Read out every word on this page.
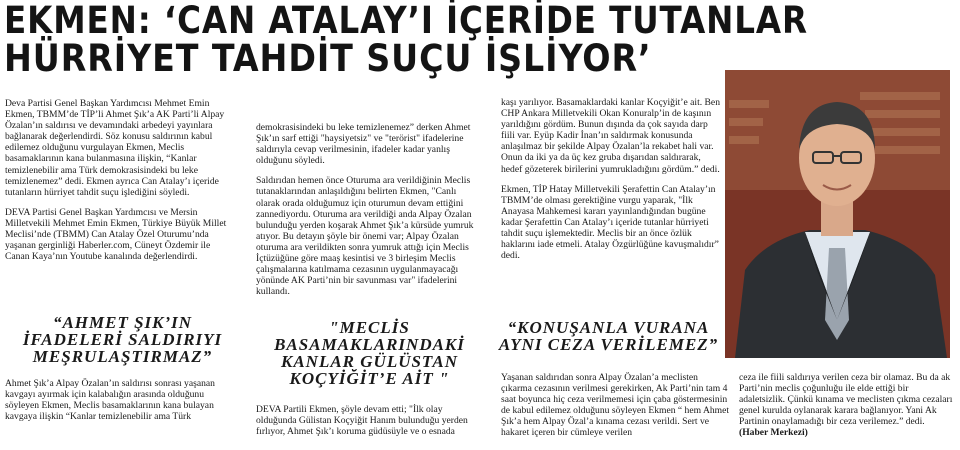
EKMEN: ‘CAN ATALAY’I İÇERİDE TUTANLAR
HÜRRİYET TAHDİT SUÇU İŞLİYOR’

Deva Partisi Genel Başkan Yardımcısı Mehmet Emin Ekmen, TBMM’de TİP’li Ahmet Şık’a AK Parti’li Alpay Özalan’ın saldırısı ve devamındaki arbedeyi yayınlara bağlanarak değerlendirdi. Söz konusu saldırının kabul edilemez olduğunu vurgulayan Ekmen, Meclis basamaklarının kana bulanmasına ilişkin, “Kanlar temizlenebilir ama Türk demokrasisindeki bu leke temizlenemez” dedi. Ekmen ayrıca Can Atalay’ı içeride tutanların hürriyet tahdit suçu işlediğini söyledi.

DEVA Partisi Genel Başkan Yardımcısı ve Mersin Milletvekili Mehmet Emin Ekmen, Türkiye Büyük Millet Meclisi’nde (TBMM) Can Atalay Özel Oturumu’nda yaşanan gerginliği Haberler.com, Cüneyt Özdemir ile Canan Kaya’nın Youtube kanalında değerlendirdi.

Ahmet Şık’a Alpay Özalan’ın saldırısı sonrası yaşanan kavgayı ayırmak için kalabalığın arasında olduğunu söyleyen Ekmen, Meclis basamaklarının kana bulayan kavgaya ilişkin “Kanlar temizlenebilir ama Türk

demokrasisindeki bu leke temizlenemez” derken Ahmet Şık’ın sarf ettiği "haysiyetsiz" ve "terörist" ifadelerine saldırıyla cevap verilmesinin, ifadeler kadar yanlış olduğunu söyledi.

Saldırıdan hemen önce Oturuma ara verildiğinin Meclis tutanaklarından anlaşıldığını belirten Ekmen, "Canlı olarak orada olduğumuz için oturumun devam ettiğini zannediyordu. Oturuma ara verildiği anda Alpay Özalan bulunduğu yerden koşarak Ahmet Şık’a kürsüde yumruk atıyor. Bu detayın şöyle bir önemi var; Alpay Özalan oturuma ara verildikten sonra yumruk attığı için Meclis İçtüzüğüne göre maaş kesintisi ve 3 birleşim Meclis çalışmalarına katılmama cezasının uygulanmayacağı yönünde AK Parti’nin bir savunması var" ifadelerini kullandı.

DEVA Partili Ekmen, şöyle devam etti; "İlk olay olduğunda Gülistan Koçyiğit Hanım bulunduğu yerden fırlıyor, Ahmet Şık’ı koruma güdüsüyle ve o esnada

kaşı yarılıyor. Basamaklardaki kanlar Koçyiğit’e ait. Ben CHP Ankara Milletvekili Okan Konuralp’in de kaşının yarıldığını gördüm. Bunun dışında da çok sayıda darp fiili var. Eyüp Kadir İnan’ın saldırmak konusunda anlaşılmaz bir şekilde Alpay Özalan’la rekabet hali var. Onun da iki ya da üç kez gruba dışarıdan saldırarak, hedef gözeterek birilerini yumrukladığını gördüm.” dedi.

Ekmen, TİP Hatay Milletvekili Şerafettin Can Atalay’ın TBMM’de olması gerektiğine vurgu yaparak, "İlk Anayasa Mahkemesi kararı yayınlandığından bugüne kadar Şerafettin Can Atalay’ı içeride tutanlar hürriyeti tahdit suçu işlemektedir. Meclis bir an önce özlük haklarını iade etmeli. Atalay Özgürlüğüne kavuşmalıdır” dedi.

Yaşanan saldırıdan sonra Alpay Özalan’a meclisten çıkarma cezasının verilmesi gerekirken, Ak Parti’nin tam 4 saat boyunca hiç ceza verilmemesi için çaba göstermesinin de kabul edilemez olduğunu söyleyen Ekmen “ hem Ahmet Şık’a hem Alpay Özal’a kınama cezası verildi. Sert ve hakaret içeren bir cümleye verilen

ceza ile fiili saldırıya verilen ceza bir olamaz. Bu da ak Parti’nin meclis çoğunluğu ile elde ettiği bir adaletsizlik. Çünkü kınama ve meclisten çıkma cezaları genel kurulda oylanarak karara bağlanıyor. Yani Ak Partinin onaylamadığı bir ceza verilemez.” dedi. (Haber Merkezi)

“AHMET ŞIK’IN İFADELERİ SALDIRIYI MEŞRULAŞTIRMAZ”
"MECLİS BASAMAKLARINDAKİ KANLAR GÜLÜSTAN KOÇYİĞİT’E AİT "
“KONUŞANLA VURANA AYNI CEZA VERİLEMEZ”
